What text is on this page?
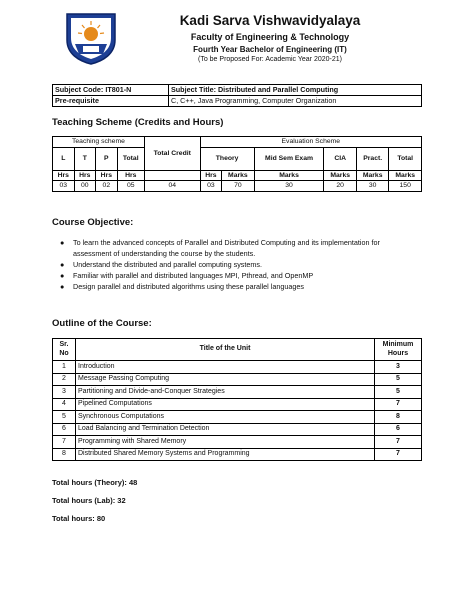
Kadi Sarva Vishwavidyalaya
Faculty of Engineering & Technology
Fourth Year Bachelor of Engineering (IT)
(To be Proposed For: Academic Year 2020-21)
Subject Code: IT801-N	Subject Title: Distributed and Parallel Computing
Pre-requisite	C, C++, Java Programming, Computer Organization
Teaching Scheme (Credits and Hours)
Teaching scheme				Total Credit	Evaluation Scheme					
L	T	P	Total		Theory		Mid Sem Exam	CIA	Pract.	Total
Hrs	Hrs	Hrs	Hrs		Hrs	Marks	Marks	Marks	Marks	Marks
03	00	02	05	04	03	70	30	20	30	150
Course Objective:
● To learn the advanced concepts of Parallel and Distributed Computing and its implementation for assessment of understanding the course by the students.
● Understand the distributed and parallel computing systems.
● Familiar with parallel and distributed languages MPI, Pthread, and OpenMP
● Design parallel and distributed algorithms using these parallel languages
Outline of the Course:
Sr. No	Title of the Unit	Minimum Hours
1	Introduction	3
2	Message Passing Computing	5
3	Partitioning and Divide-and-Conquer Strategies	5
4	Pipelined Computations	7
5	Synchronous Computations	8
6	Load Balancing and Termination Detection	6
7	Programming with Shared Memory	7
8	Distributed Shared Memory Systems and Programming	7
Total hours (Theory): 48
Total hours (Lab): 32
Total hours: 80
